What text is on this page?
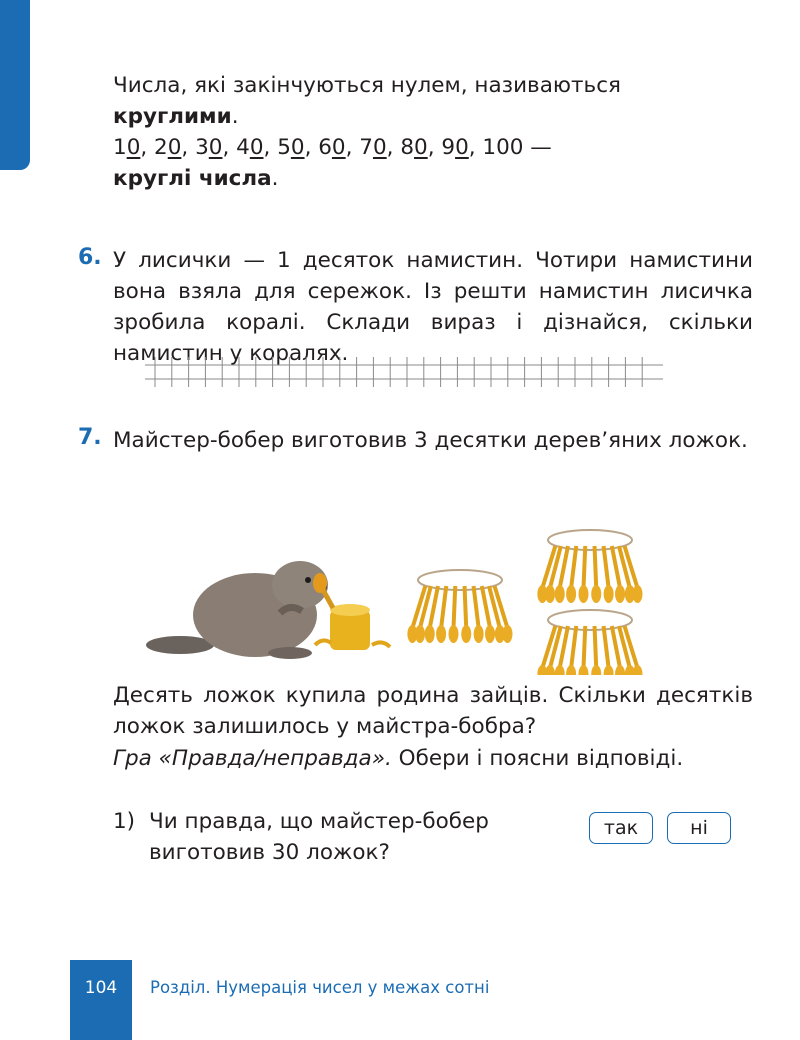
Числа, які закінчуються нулем, називаються
круглими.
10, 20, 30, 40, 50, 60, 70, 80, 90, 100 —
круглі числа.
6. У лисички — 1 десяток намистин. Чотири намистини вона взяла для сережок. Із решти намистин лисичка зробила коралі. Склади вираз і дізнайся, скільки намистин у коралях.
7. Майстер-бобер виготовив 3 десятки дерев’яних ложок.
Десять ложок купила родина зайців. Скільки десятків ложок залишилось у майстра-бобра?
Гра «Правда/неправда». Обери і поясни відповіді.
1) Чи правда, що майстер-бобер
виготовив 30 ложок?
так	ні
104	Розділ. Нумерація чисел у межах сотні
